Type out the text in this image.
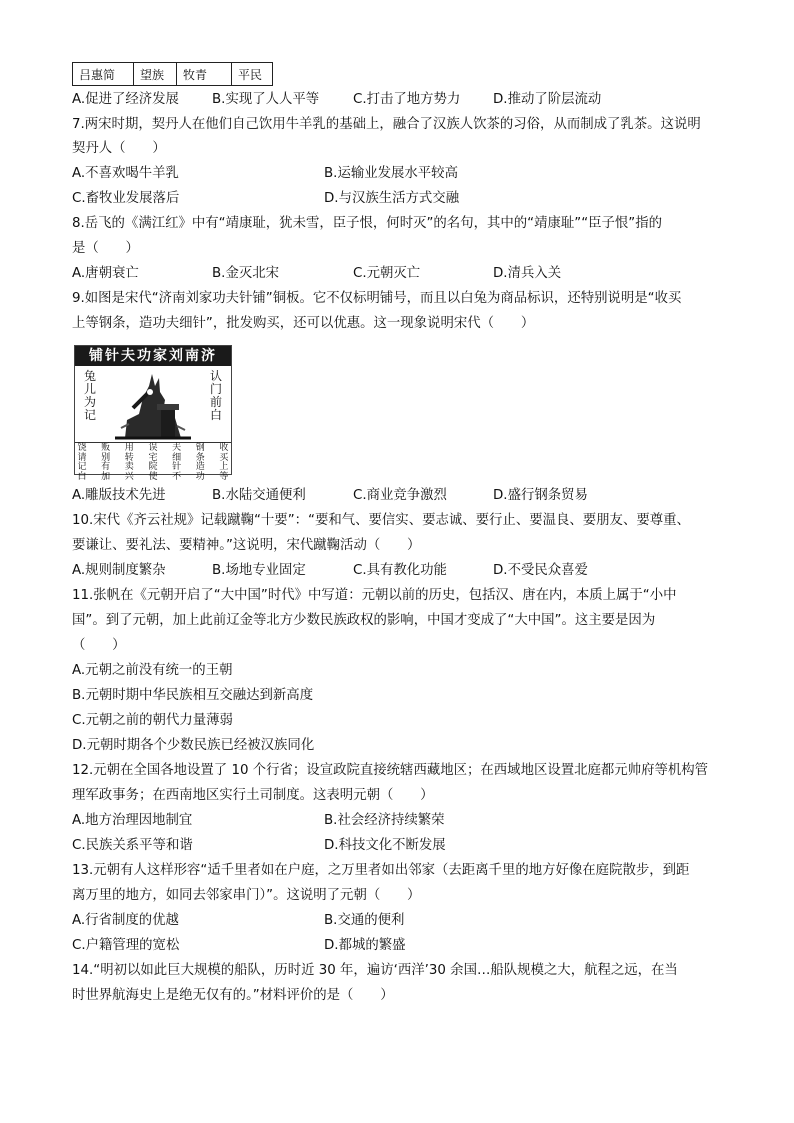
吕惠简	望族	牧青	平民
A.促进了经济发展 B.实现了人人平等	C.打击了地方势力 D.推动了阶层流动
7.两宋时期，契丹人在他们自己饮用牛羊乳的基础上，融合了汉族人饮茶的习俗，从而制成了乳茶。这说明
契丹人（　　）
A.不喜欢喝牛羊乳	B.运输业发展水平较高
C.畜牧业发展落后	D.与汉族生活方式交融
8.岳飞的《满江红》中有“靖康耻，犹未雪，臣子恨，何时灭”的名句，其中的“靖康耻”“臣子恨”指的
是（　　）
A.唐朝衰亡	B.金灭北宋	C.元朝灭亡	D.清兵入关
9.如图是宋代“济南刘家功夫针铺”铜板。它不仅标明铺号，而且以白兔为商品标识，还特别说明是“收买
上等钢条，造功夫细针”，批发购买，还可以优惠。这一现象说明宋代（　　）
铺针夫功家刘南济
兔
儿
为
记
认
门
前
白
饶请记白
贩别有加
用转卖兴
误宅院使
夫细针不
钢条造功
收买上等
A.雕版技术先进	B.水陆交通便利	C.商业竞争激烈	D.盛行钢条贸易
10.宋代《齐云社规》记载蹴鞠“十要”：“要和气、要信实、要志诚、要行止、要温良、要朋友、要尊重、
要谦让、要礼法、要精神。”这说明，宋代蹴鞠活动（　　）
A.规则制度繁杂	B.场地专业固定	C.具有教化功能	D.不受民众喜爱
11.张帆在《元朝开启了“大中国”时代》中写道：元朝以前的历史，包括汉、唐在内，本质上属于“小中
国”。到了元朝，加上此前辽金等北方少数民族政权的影响，中国才变成了“大中国”。这主要是因为
（　　）
A.元朝之前没有统一的王朝
B.元朝时期中华民族相互交融达到新高度
C.元朝之前的朝代力量薄弱
D.元朝时期各个少数民族已经被汉族同化
12.元朝在全国各地设置了 10 个行省；设宣政院直接统辖西藏地区；在西域地区设置北庭都元帅府等机构管
理军政事务；在西南地区实行土司制度。这表明元朝（　　）
A.地方治理因地制宜	B.社会经济持续繁荣
C.民族关系平等和谐	D.科技文化不断发展
13.元朝有人这样形容“适千里者如在户庭，之万里者如出邻家（去距离千里的地方好像在庭院散步，到距
离万里的地方，如同去邻家串门）”。这说明了元朝（　　）
A.行省制度的优越	B.交通的便利
C.户籍管理的宽松	D.都城的繁盛
14.“明初以如此巨大规模的船队，历时近 30 年，遍访‘西洋’30 余国…船队规模之大，航程之远，在当
时世界航海史上是绝无仅有的。”材料评价的是（　　）
